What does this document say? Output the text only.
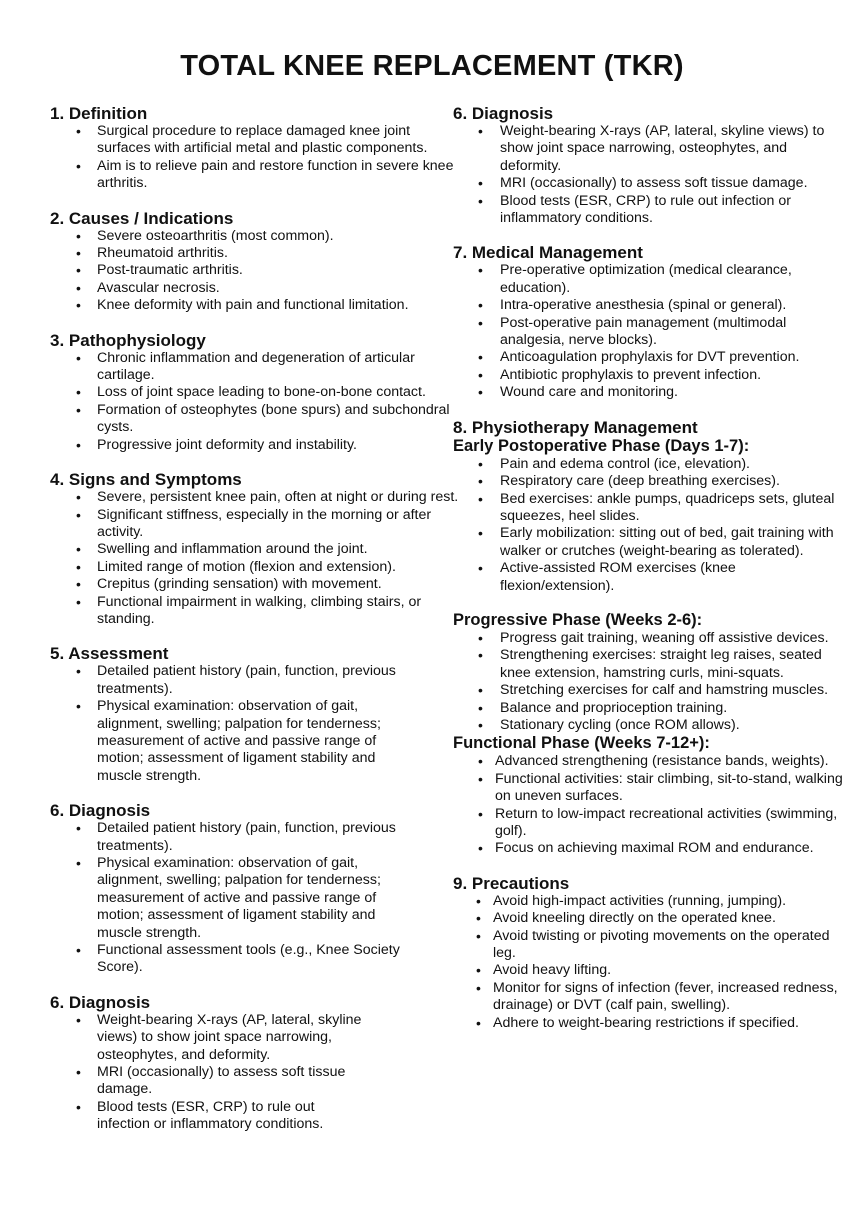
TOTAL KNEE REPLACEMENT (TKR)
1. Definition
• Surgical procedure to replace damaged knee joint surfaces with artificial metal and plastic components.
• Aim is to relieve pain and restore function in severe knee arthritis.
2. Causes / Indications
• Severe osteoarthritis (most common).
• Rheumatoid arthritis.
• Post-traumatic arthritis.
• Avascular necrosis.
• Knee deformity with pain and functional limitation.
3. Pathophysiology
• Chronic inflammation and degeneration of articular cartilage.
• Loss of joint space leading to bone-on-bone contact.
• Formation of osteophytes (bone spurs) and subchondral cysts.
• Progressive joint deformity and instability.
4. Signs and Symptoms
• Severe, persistent knee pain, often at night or during rest.
• Significant stiffness, especially in the morning or after activity.
• Swelling and inflammation around the joint.
• Limited range of motion (flexion and extension).
• Crepitus (grinding sensation) with movement.
• Functional impairment in walking, climbing stairs, or standing.
5. Assessment
• Detailed patient history (pain, function, previous treatments).
• Physical examination: observation of gait, alignment, swelling; palpation for tenderness; measurement of active and passive range of motion; assessment of ligament stability and muscle strength.
6. Diagnosis
• Detailed patient history (pain, function, previous treatments).
• Physical examination: observation of gait, alignment, swelling; palpation for tenderness; measurement of active and passive range of motion; assessment of ligament stability and muscle strength.
• Functional assessment tools (e.g., Knee Society Score).
6. Diagnosis
• Weight-bearing X-rays (AP, lateral, skyline views) to show joint space narrowing, osteophytes, and deformity.
• MRI (occasionally) to assess soft tissue damage.
• Blood tests (ESR, CRP) to rule out infection or inflammatory conditions.
6. Diagnosis
• Weight-bearing X-rays (AP, lateral, skyline views) to show joint space narrowing, osteophytes, and deformity.
• MRI (occasionally) to assess soft tissue damage.
• Blood tests (ESR, CRP) to rule out infection or inflammatory conditions.
7. Medical Management
• Pre-operative optimization (medical clearance, education).
• Intra-operative anesthesia (spinal or general).
• Post-operative pain management (multimodal analgesia, nerve blocks).
• Anticoagulation prophylaxis for DVT prevention.
• Antibiotic prophylaxis to prevent infection.
• Wound care and monitoring.
8. Physiotherapy Management
Early Postoperative Phase (Days 1-7):
• Pain and edema control (ice, elevation).
• Respiratory care (deep breathing exercises).
• Bed exercises: ankle pumps, quadriceps sets, gluteal squeezes, heel slides.
• Early mobilization: sitting out of bed, gait training with walker or crutches (weight-bearing as tolerated).
• Active-assisted ROM exercises (knee flexion/extension).
Progressive Phase (Weeks 2-6):
• Progress gait training, weaning off assistive devices.
• Strengthening exercises: straight leg raises, seated knee extension, hamstring curls, mini-squats.
• Stretching exercises for calf and hamstring muscles.
• Balance and proprioception training.
• Stationary cycling (once ROM allows).
Functional Phase (Weeks 7-12+):
• Advanced strengthening (resistance bands, weights).
• Functional activities: stair climbing, sit-to-stand, walking on uneven surfaces.
• Return to low-impact recreational activities (swimming, golf).
• Focus on achieving maximal ROM and endurance.
9. Precautions
• Avoid high-impact activities (running, jumping).
• Avoid kneeling directly on the operated knee.
• Avoid twisting or pivoting movements on the operated leg.
• Avoid heavy lifting.
• Monitor for signs of infection (fever, increased redness, drainage) or DVT (calf pain, swelling).
• Adhere to weight-bearing restrictions if specified.
